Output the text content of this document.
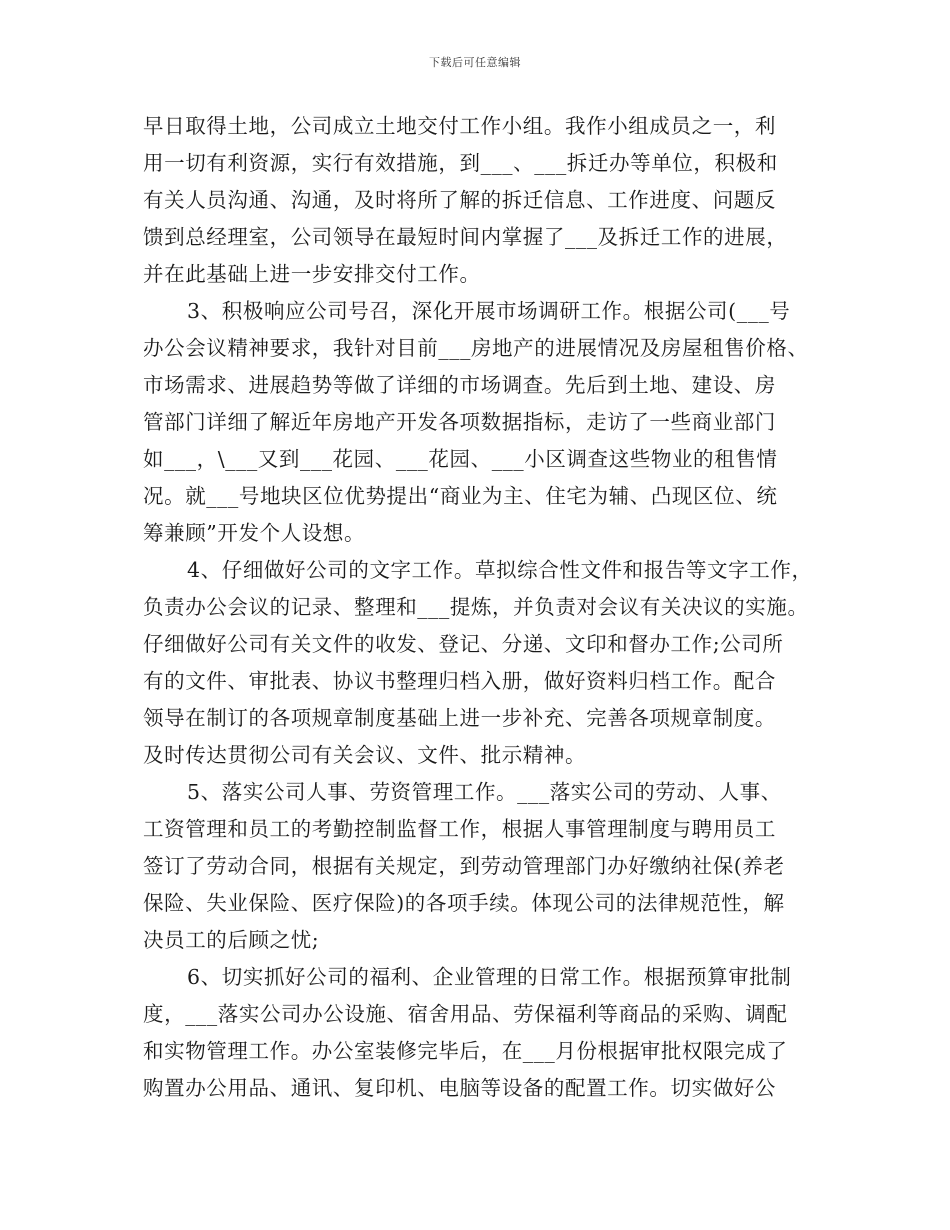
下载后可任意编辑
早日取得土地，公司成立土地交付工作小组。我作小组成员之一，利
用一切有利资源，实行有效措施，到___、___拆迁办等单位，积极和
有关人员沟通、沟通，及时将所了解的拆迁信息、工作进度、问题反
馈到总经理室，公司领导在最短时间内掌握了___及拆迁工作的进展，
并在此基础上进一步安排交付工作。
3、积极响应公司号召，深化开展市场调研工作。根据公司(___号
办公会议精神要求，我针对目前___房地产的进展情况及房屋租售价格、
市场需求、进展趋势等做了详细的市场调查。先后到土地、建设、房
管部门详细了解近年房地产开发各项数据指标，走访了一些商业部门
如___，\___又到___花园、___花园、___小区调查这些物业的租售情
况。就___号地块区位优势提出“商业为主、住宅为辅、凸现区位、统
筹兼顾”开发个人设想。
4、仔细做好公司的文字工作。草拟综合性文件和报告等文字工作，
负责办公会议的记录、整理和___提炼，并负责对会议有关决议的实施。
仔细做好公司有关文件的收发、登记、分递、文印和督办工作;公司所
有的文件、审批表、协议书整理归档入册，做好资料归档工作。配合
领导在制订的各项规章制度基础上进一步补充、完善各项规章制度。
及时传达贯彻公司有关会议、文件、批示精神。
5、落实公司人事、劳资管理工作。___落实公司的劳动、人事、
工资管理和员工的考勤控制监督工作，根据人事管理制度与聘用员工
签订了劳动合同，根据有关规定，到劳动管理部门办好缴纳社保(养老
保险、失业保险、医疗保险)的各项手续。体现公司的法律规范性，解
决员工的后顾之忧;
6、切实抓好公司的福利、企业管理的日常工作。根据预算审批制
度，___落实公司办公设施、宿舍用品、劳保福利等商品的采购、调配
和实物管理工作。办公室装修完毕后，在___月份根据审批权限完成了
购置办公用品、通讯、复印机、电脑等设备的配置工作。切实做好公
